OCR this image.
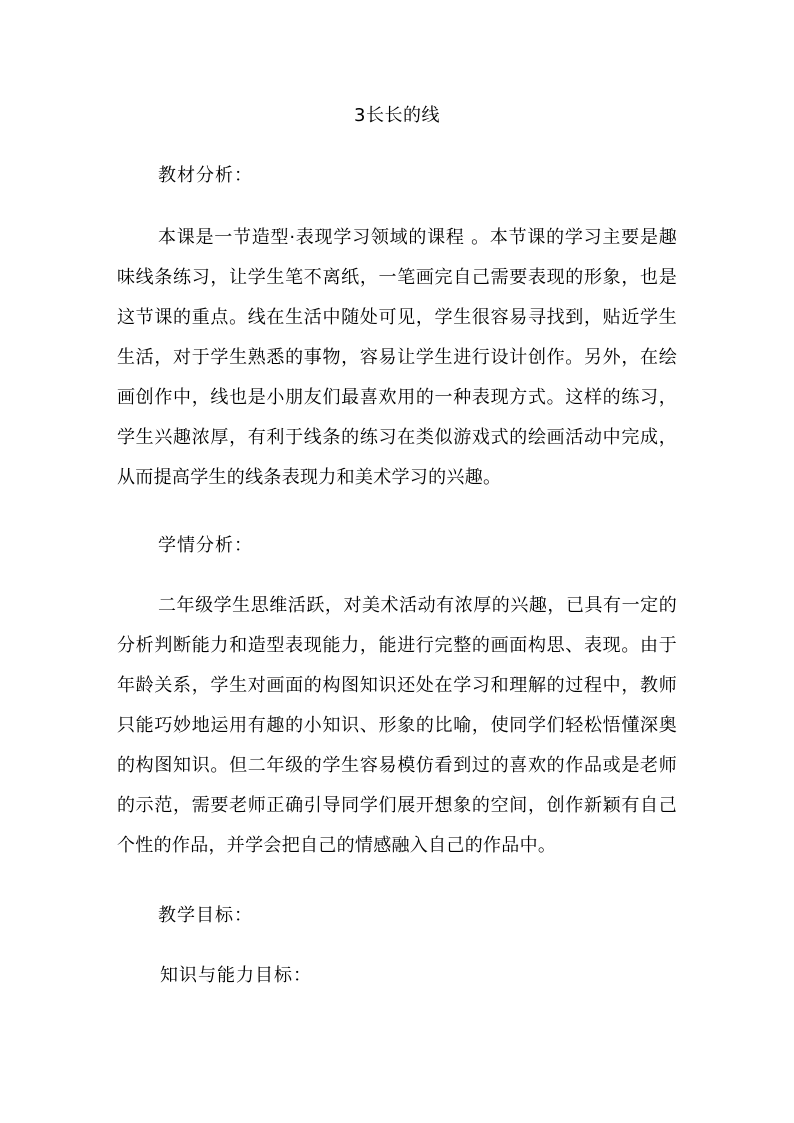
3长长的线
教材分析：
本课是一节造型·表现学习领域的课程 。本节课的学习主要是趣味线条练习，让学生笔不离纸，一笔画完自己需要表现的形象，也是这节课的重点。线在生活中随处可见，学生很容易寻找到，贴近学生生活，对于学生熟悉的事物，容易让学生进行设计创作。另外，在绘画创作中，线也是小朋友们最喜欢用的一种表现方式。这样的练习，学生兴趣浓厚，有利于线条的练习在类似游戏式的绘画活动中完成，从而提高学生的线条表现力和美术学习的兴趣。
学情分析：
二年级学生思维活跃，对美术活动有浓厚的兴趣，已具有一定的分析判断能力和造型表现能力，能进行完整的画面构思、表现。由于年龄关系，学生对画面的构图知识还处在学习和理解的过程中，教师只能巧妙地运用有趣的小知识、形象的比喻，使同学们轻松悟懂深奥的构图知识。但二年级的学生容易模仿看到过的喜欢的作品或是老师的示范，需要老师正确引导同学们展开想象的空间，创作新颖有自己个性的作品，并学会把自己的情感融入自己的作品中。
教学目标：
知识与能力目标：
